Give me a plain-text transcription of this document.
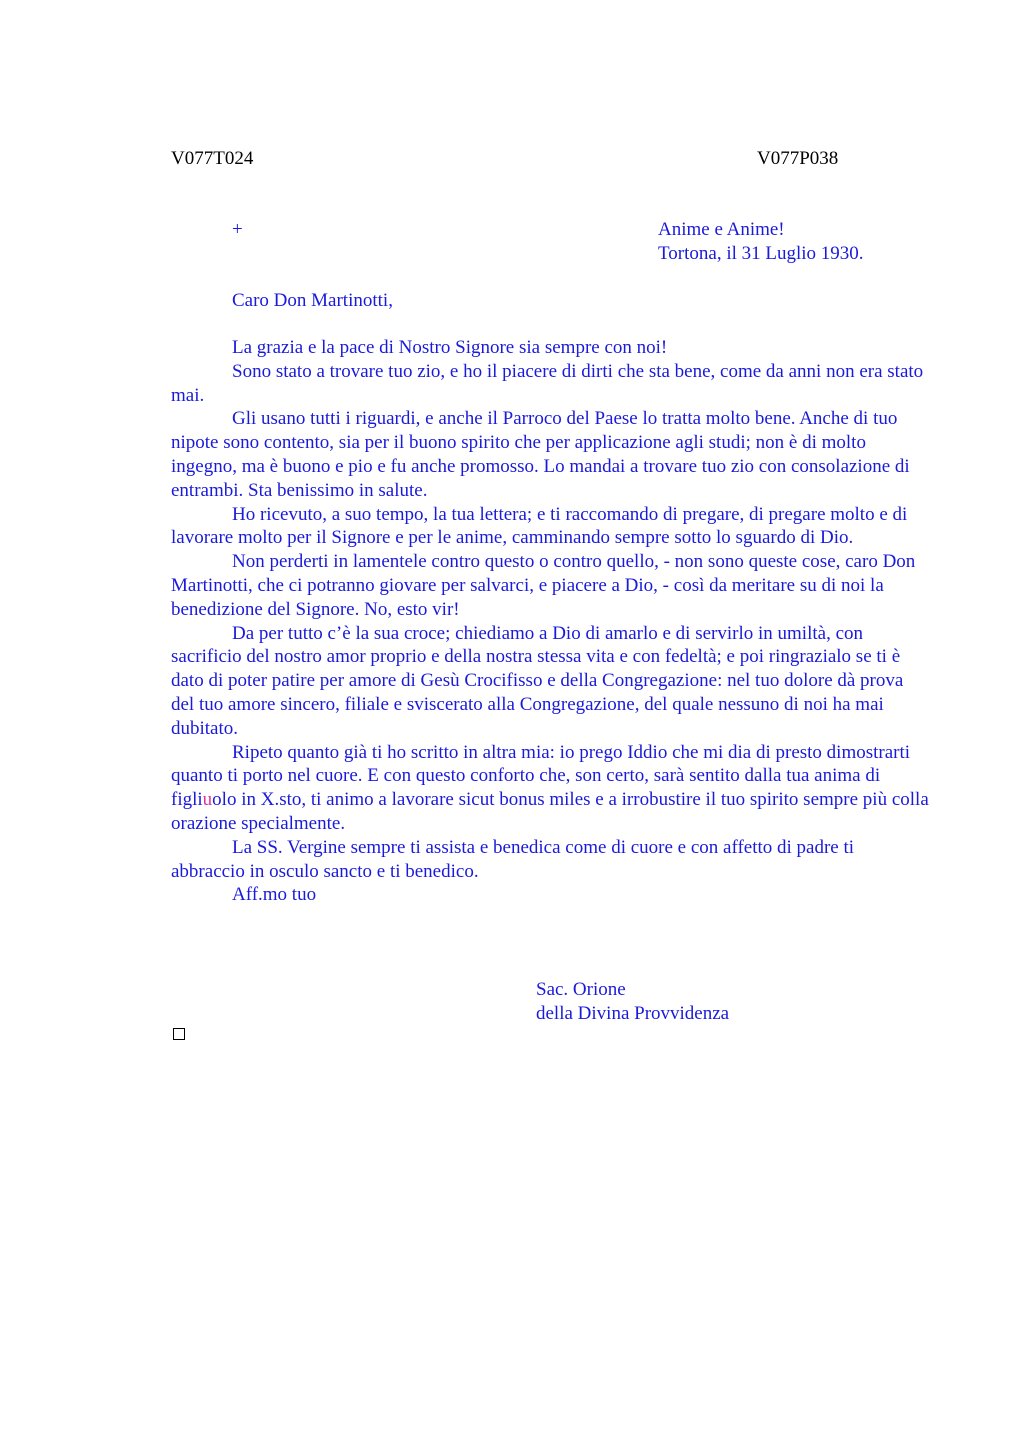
V077T024	V077P038
+	Anime e Anime!
Tortona, il 31 Luglio 1930.
Caro Don Martinotti,

La grazia e la pace di Nostro Signore sia sempre con noi!

Sono stato a trovare tuo zio, e ho il piacere di dirti che sta bene, come da anni non era stato mai.

Gli usano tutti i riguardi, e anche il Parroco del Paese lo tratta molto bene. Anche di tuo nipote sono contento, sia per il buono spirito che per applicazione agli studi; non è di molto ingegno, ma è buono e pio e fu anche promosso. Lo mandai a trovare tuo zio con consolazione di entrambi. Sta benissimo in salute.

Ho ricevuto, a suo tempo, la tua lettera; e ti raccomando di pregare, di pregare molto e di lavorare molto per il Signore e per le anime, camminando sempre sotto lo sguardo di Dio.

Non perderti in lamentele contro questo o contro quello, - non sono queste cose, caro Don Martinotti, che ci potranno giovare per salvarci, e piacere a Dio, - così da meritare su di noi la benedizione del Signore. No, esto vir!

Da per tutto c’è la sua croce; chiediamo a Dio di amarlo e di servirlo in umiltà, con sacrificio del nostro amor proprio e della nostra stessa vita e con fedeltà; e poi ringrazialo se ti è dato di poter patire per amore di Gesù Crocifisso e della Congregazione: nel tuo dolore dà prova del tuo amore sincero, filiale e sviscerato alla Congregazione, del quale nessuno di noi ha mai dubitato.

Ripeto quanto già ti ho scritto in altra mia: io prego Iddio che mi dia di presto dimostrarti quanto ti porto nel cuore. E con questo conforto che, son certo, sarà sentito dalla tua anima di figliuolo in X.sto, ti animo a lavorare sicut bonus miles e a irrobustire il tuo spirito sempre più colla orazione specialmente.

La SS. Vergine sempre ti assista e benedica come di cuore e con affetto di padre ti abbraccio in osculo sancto e ti benedico.

Aff.mo tuo

Sac. Orione
della Divina Provvidenza
